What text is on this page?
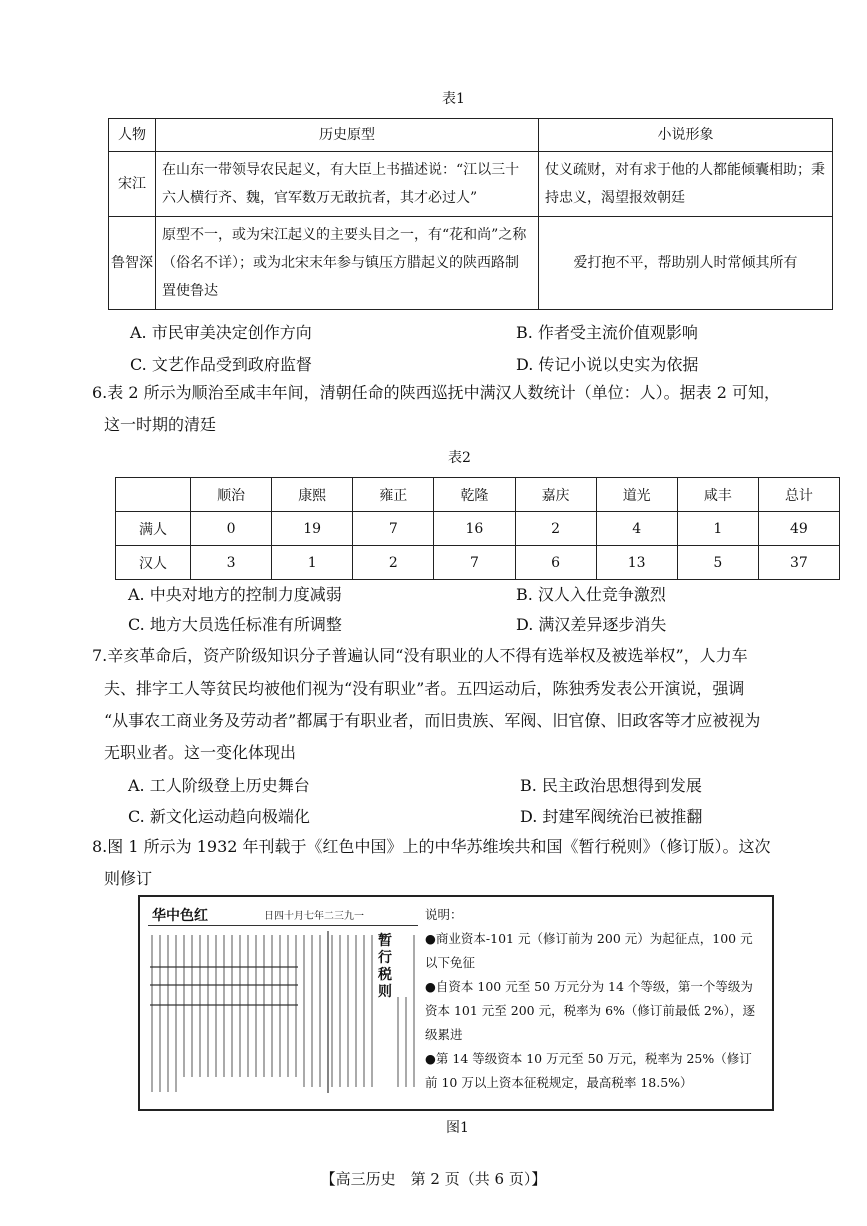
表1
人物	历史原型	小说形象
宋江	在山东一带领导农民起义，有大臣上书描述说：“江以三十六人横行齐、魏，官军数万无敢抗者，其才必过人”	仗义疏财，对有求于他的人都能倾囊相助；秉持忠义，渴望报效朝廷
鲁智深	原型不一，或为宋江起义的主要头目之一，有“花和尚”之称（俗名不详）；或为北宋末年参与镇压方腊起义的陕西路制置使鲁达	爱打抱不平，帮助别人时常倾其所有
A. 市民审美决定创作方向	B. 作者受主流价值观影响
C. 文艺作品受到政府监督	D. 传记小说以史实为依据
6.表 2 所示为顺治至咸丰年间，清朝任命的陕西巡抚中满汉人数统计（单位：人）。据表 2 可知，
这一时期的清廷
表2
	顺治	康熙	雍正	乾隆	嘉庆	道光	咸丰	总计
满人	0	19	7	16	2	4	1	49
汉人	3	1	2	7	6	13	5	37
A. 中央对地方的控制力度减弱	B. 汉人入仕竞争激烈
C. 地方大员选任标准有所调整	D. 满汉差异逐步消失
7.辛亥革命后，资产阶级知识分子普遍认同“没有职业的人不得有选举权及被选举权”，人力车
夫、排字工人等贫民均被他们视为“没有职业”者。五四运动后，陈独秀发表公开演说，强调
“从事农工商业务及劳动者”都属于有职业者，而旧贵族、军阀、旧官僚、旧政客等才应被视为
无职业者。这一变化体现出
A. 工人阶级登上历史舞台	B. 民主政治思想得到发展
C. 新文化运动趋向极端化	D. 封建军阀统治已被推翻
8.图 1 所示为 1932 年刊载于《红色中国》上的中华苏维埃共和国《暂行税则》（修订版）。这次
则修订
华中色红	日四十月七年二三九一
暂行税则
说明：
●商业资本-101 元（修订前为 200 元）为起征点，100 元以下免征
●自资本 100 元至 50 万元分为 14 个等级，第一个等级为资本 101 元至 200 元，税率为 6%（修订前最低 2%），逐级累进
●第 14 等级资本 10 万元至 50 万元，税率为 25%（修订前 10 万以上资本征税规定，最高税率 18.5%）
图1
【高三历史　第 2 页（共 6 页）】
